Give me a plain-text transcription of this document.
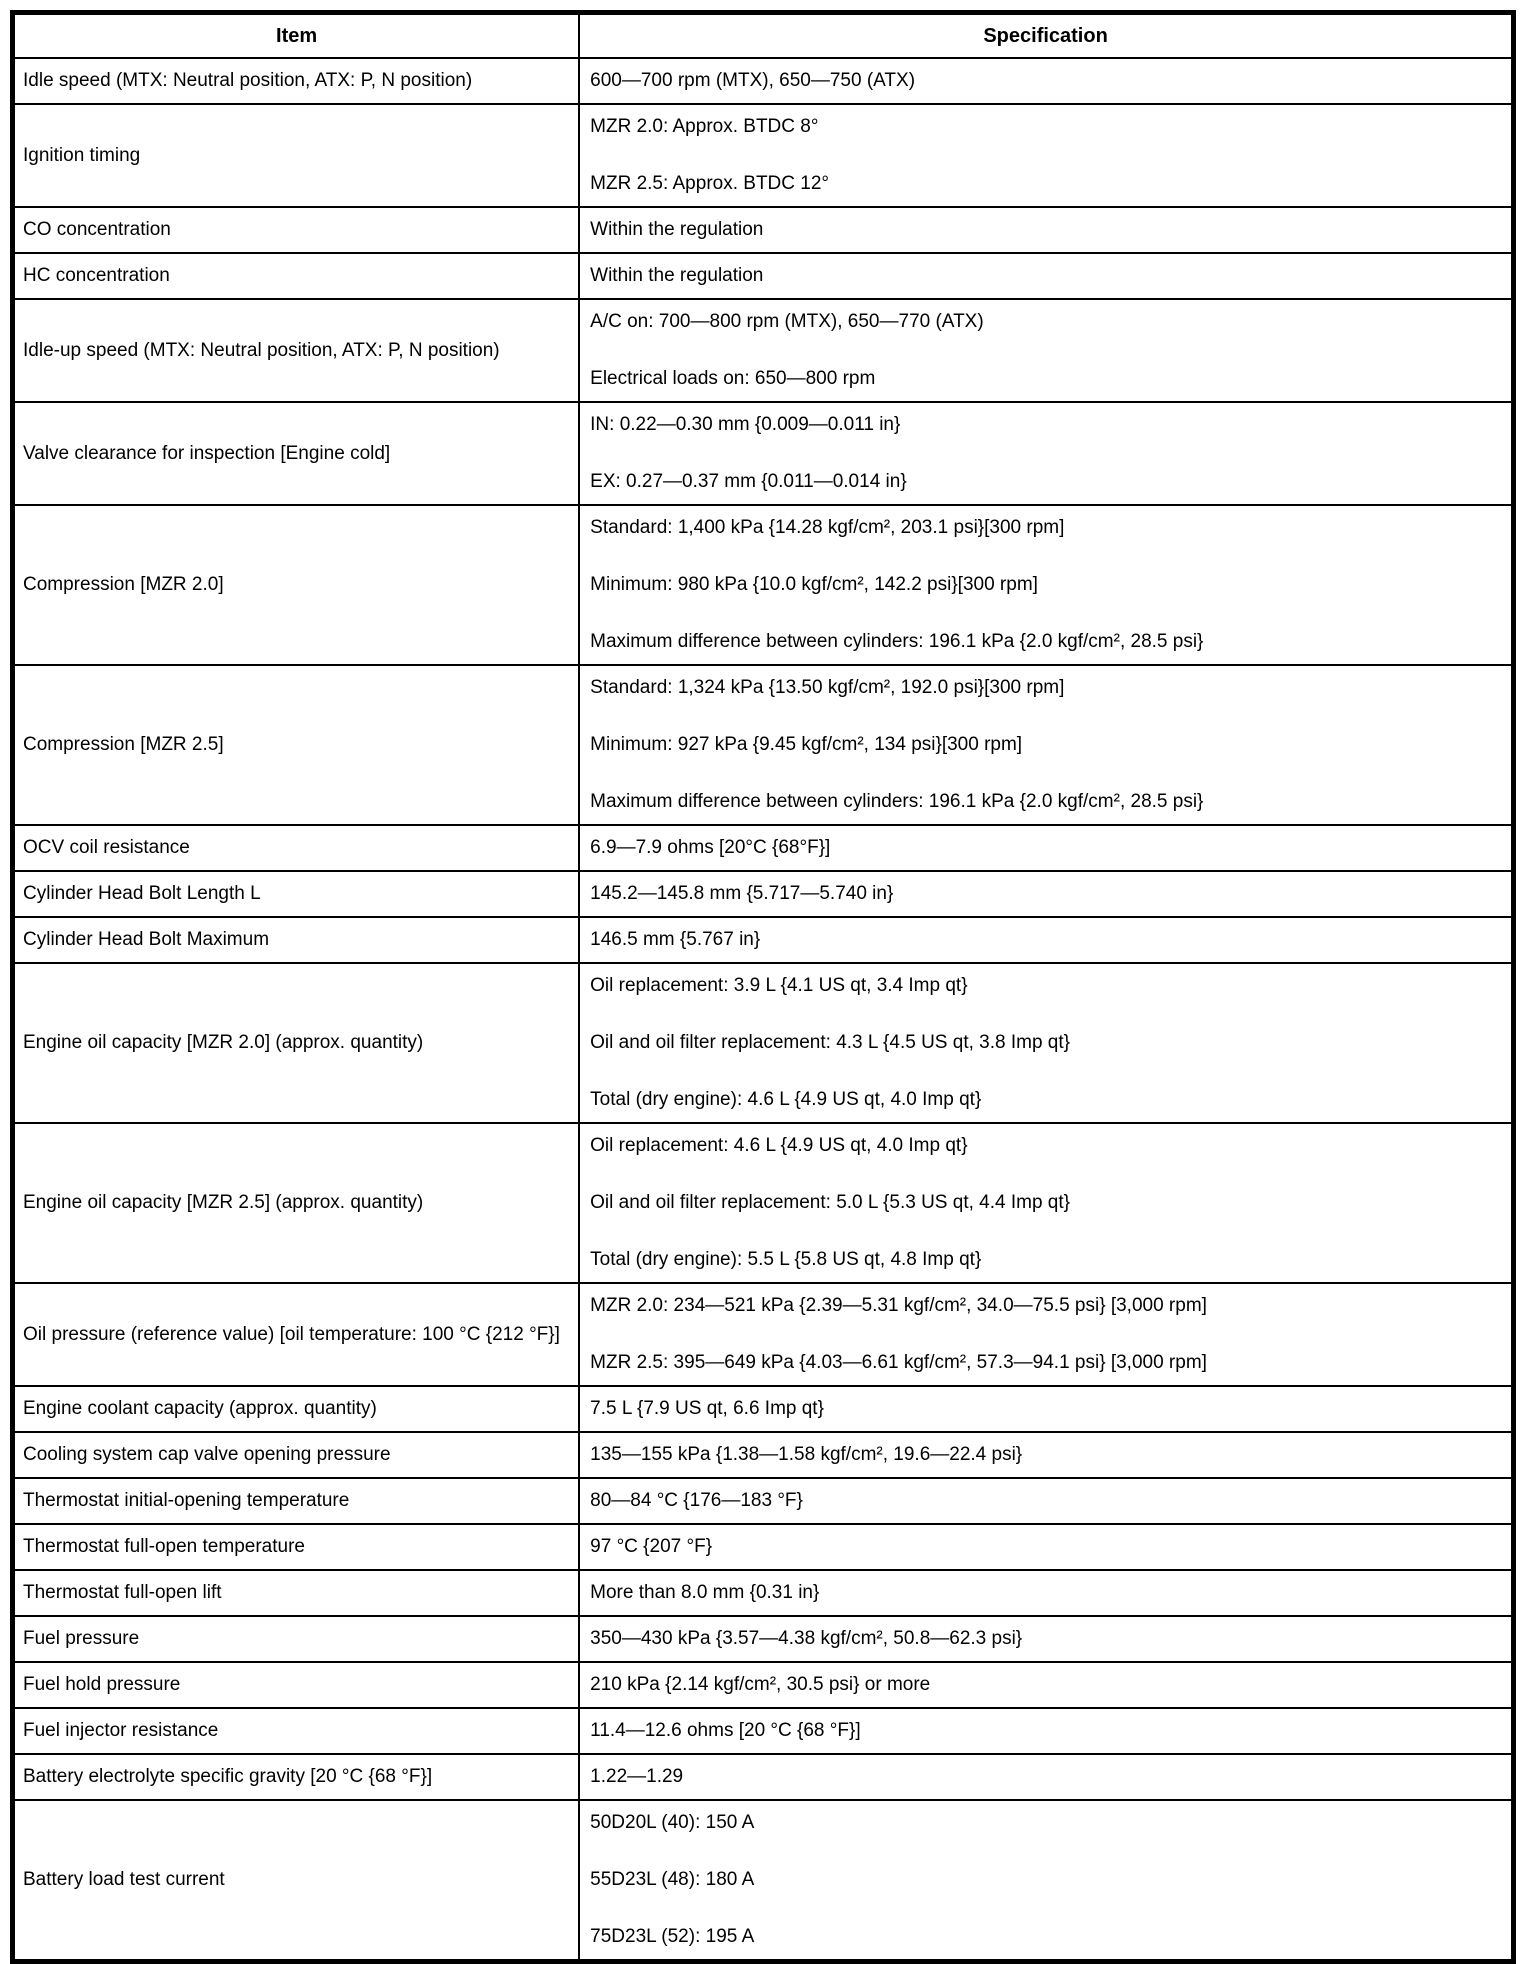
Item	Specification
Idle speed (MTX: Neutral position, ATX: P, N position)	600—700 rpm (MTX), 650—750 (ATX)

Ignition timing	MZR 2.0: Approx. BTDC 8°
MZR 2.5: Approx. BTDC 12°

CO concentration	Within the regulation

HC concentration	Within the regulation

Idle-up speed (MTX: Neutral position, ATX: P, N position)	A/C on: 700—800 rpm (MTX), 650—770 (ATX)
Electrical loads on: 650—800 rpm

Valve clearance for inspection [Engine cold]	IN: 0.22—0.30 mm {0.009—0.011 in}
EX: 0.27—0.37 mm {0.011—0.014 in}

Compression [MZR 2.0]	Standard: 1,400 kPa {14.28 kgf/cm², 203.1 psi}[300 rpm]
Minimum: 980 kPa {10.0 kgf/cm², 142.2 psi}[300 rpm]
Maximum difference between cylinders: 196.1 kPa {2.0 kgf/cm², 28.5 psi}

Compression [MZR 2.5]	Standard: 1,324 kPa {13.50 kgf/cm², 192.0 psi}[300 rpm]
Minimum: 927 kPa {9.45 kgf/cm², 134 psi}[300 rpm]
Maximum difference between cylinders: 196.1 kPa {2.0 kgf/cm², 28.5 psi}

OCV coil resistance	6.9—7.9 ohms [20°C {68°F}]

Cylinder Head Bolt Length L	145.2—145.8 mm {5.717—5.740 in}

Cylinder Head Bolt Maximum	146.5 mm {5.767 in}

Engine oil capacity [MZR 2.0] (approx. quantity)	Oil replacement: 3.9 L {4.1 US qt, 3.4 Imp qt}
Oil and oil filter replacement: 4.3 L {4.5 US qt, 3.8 Imp qt}
Total (dry engine): 4.6 L {4.9 US qt, 4.0 Imp qt}

Engine oil capacity [MZR 2.5] (approx. quantity)	Oil replacement: 4.6 L {4.9 US qt, 4.0 Imp qt}
Oil and oil filter replacement: 5.0 L {5.3 US qt, 4.4 Imp qt}
Total (dry engine): 5.5 L {5.8 US qt, 4.8 Imp qt}

Oil pressure (reference value) [oil temperature: 100 °C {212 °F}]	MZR 2.0: 234—521 kPa {2.39—5.31 kgf/cm², 34.0—75.5 psi} [3,000 rpm]
MZR 2.5: 395—649 kPa {4.03—6.61 kgf/cm², 57.3—94.1 psi} [3,000 rpm]

Engine coolant capacity (approx. quantity)	7.5 L {7.9 US qt, 6.6 Imp qt}

Cooling system cap valve opening pressure	135—155 kPa {1.38—1.58 kgf/cm², 19.6—22.4 psi}

Thermostat initial-opening temperature	80—84 °C {176—183 °F}

Thermostat full-open temperature	97 °C {207 °F}

Thermostat full-open lift	More than 8.0 mm {0.31 in}

Fuel pressure	350—430 kPa {3.57—4.38 kgf/cm², 50.8—62.3 psi}

Fuel hold pressure	210 kPa {2.14 kgf/cm², 30.5 psi} or more

Fuel injector resistance	11.4—12.6 ohms [20 °C {68 °F}]

Battery electrolyte specific gravity [20 °C {68 °F}]	1.22—1.29

Battery load test current	50D20L (40): 150 A
55D23L (48): 180 A
75D23L (52): 195 A
